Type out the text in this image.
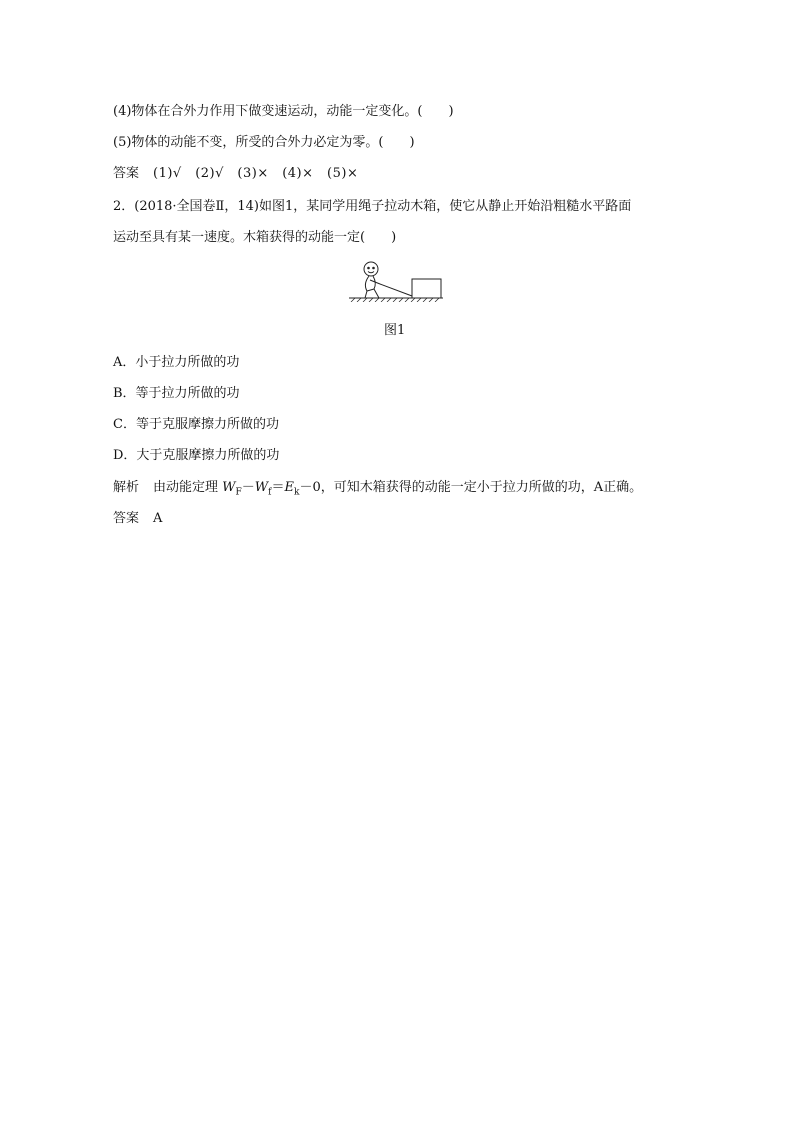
(4)物体在合外力作用下做变速运动，动能一定变化。(　　)
(5)物体的动能不变，所受的合外力必定为零。(　　)
答案 (1)√　(2)√　(3)×　(4)×　(5)×
2．(2018·全国卷Ⅱ，14)如图1，某同学用绳子拉动木箱，使它从静止开始沿粗糙水平路面
运动至具有某一速度。木箱获得的动能一定(　　)
图1
A．小于拉力所做的功
B．等于拉力所做的功
C．等于克服摩擦力所做的功
D．大于克服摩擦力所做的功
解析 由动能定理 $W_F-W_f=E_k-0$，可知木箱获得的动能一定小于拉力所做的功，A正确。
答案 A
